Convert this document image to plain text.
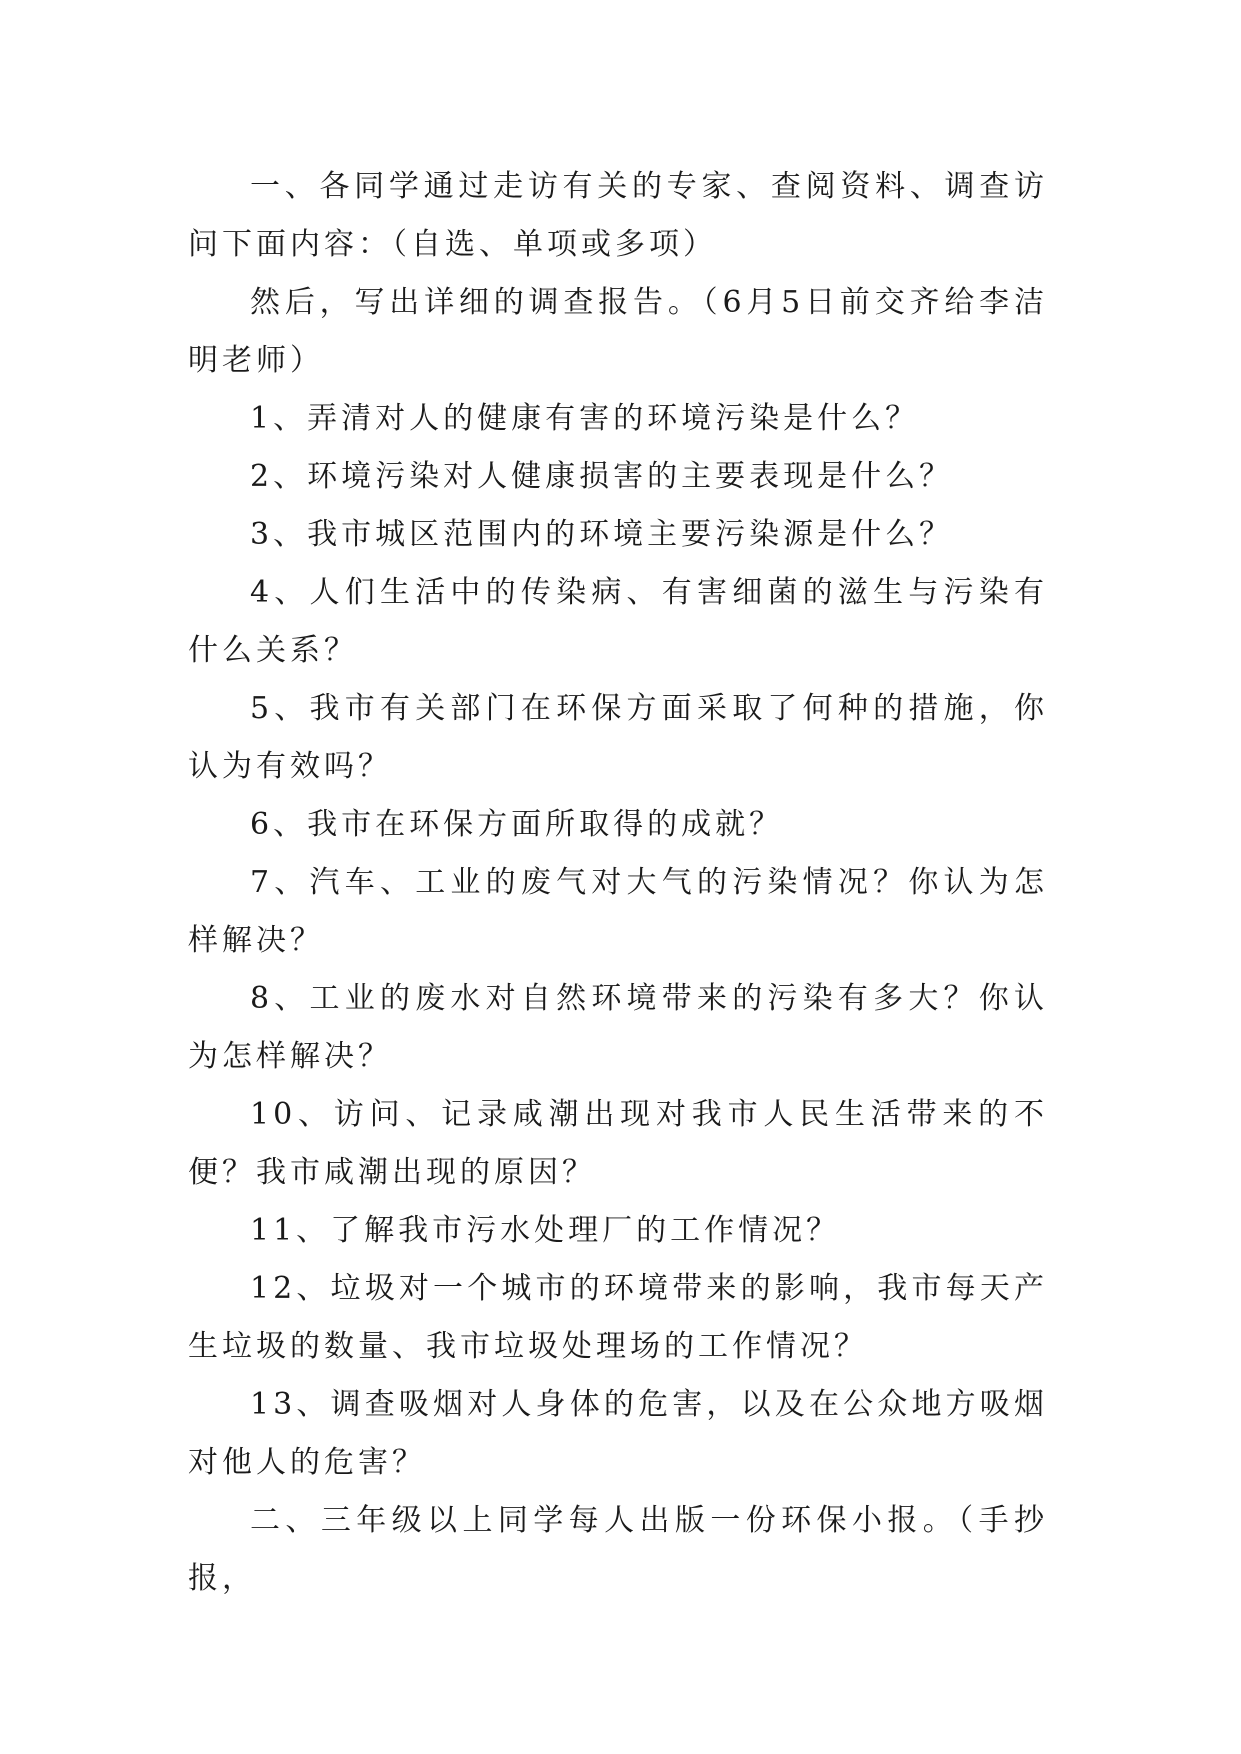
一、各同学通过走访有关的专家、查阅资料、调查访问下面内容：（自选、单项或多项）

然后，写出详细的调查报告。（6月5日前交齐给李洁明老师）

1、弄清对人的健康有害的环境污染是什么？

2、环境污染对人健康损害的主要表现是什么？

3、我市城区范围内的环境主要污染源是什么？

4、人们生活中的传染病、有害细菌的滋生与污染有什么关系？

5、我市有关部门在环保方面采取了何种的措施，你认为有效吗？

6、我市在环保方面所取得的成就？

7、汽车、工业的废气对大气的污染情况？你认为怎样解决？

8、工业的废水对自然环境带来的污染有多大？你认为怎样解决？

10、访问、记录咸潮出现对我市人民生活带来的不便？我市咸潮出现的原因？

11、了解我市污水处理厂的工作情况？

12、垃圾对一个城市的环境带来的影响，我市每天产生垃圾的数量、我市垃圾处理场的工作情况？

13、调查吸烟对人身体的危害，以及在公众地方吸烟对他人的危害？

二、三年级以上同学每人出版一份环保小报。（手抄报，
